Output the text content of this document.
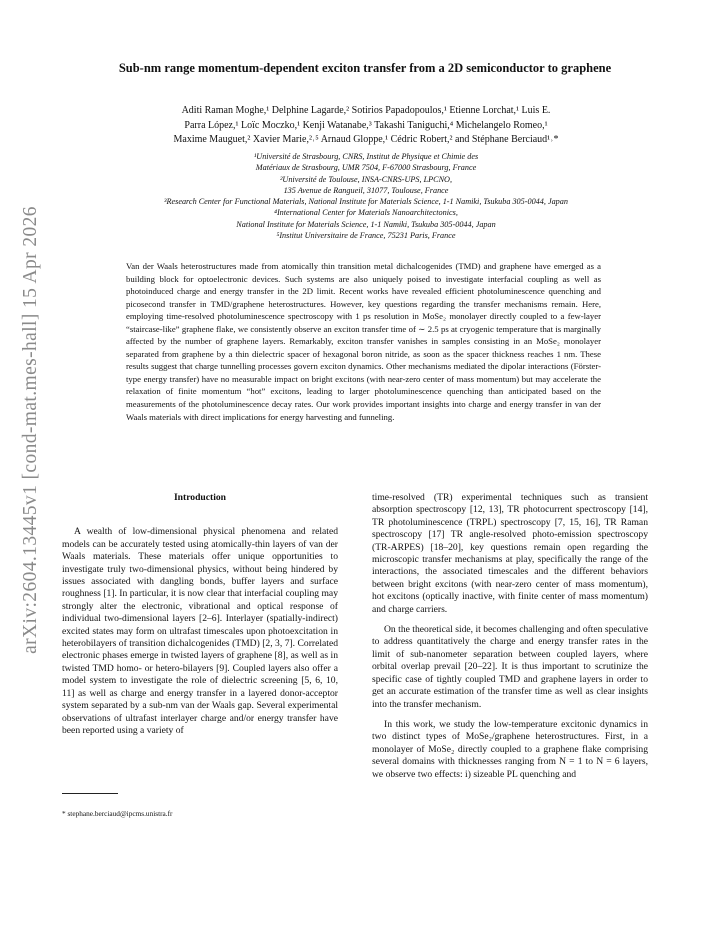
arXiv:2604.13445v1 [cond-mat.mes-hall] 15 Apr 2026
Sub-nm range momentum-dependent exciton transfer from a 2D semiconductor to graphene
Aditi Raman Moghe,¹ Delphine Lagarde,² Sotirios Papadopoulos,¹ Etienne Lorchat,¹ Luis E.
Parra López,¹ Loïc Moczko,¹ Kenji Watanabe,³ Takashi Taniguchi,⁴ Michelangelo Romeo,¹
Maxime Mauguet,² Xavier Marie,²˒⁵ Arnaud Gloppe,¹ Cédric Robert,² and Stéphane Berciaud¹˒*
¹Université de Strasbourg, CNRS, Institut de Physique et Chimie des
Matériaux de Strasbourg, UMR 7504, F-67000 Strasbourg, France
²Université de Toulouse, INSA-CNRS-UPS, LPCNO,
135 Avenue de Rangueil, 31077, Toulouse, France
³Research Center for Functional Materials, National Institute for Materials Science, 1-1 Namiki, Tsukuba 305-0044, Japan
⁴International Center for Materials Nanoarchitectonics,
National Institute for Materials Science, 1-1 Namiki, Tsukuba 305-0044, Japan
⁵Institut Universitaire de France, 75231 Paris, France
Van der Waals heterostructures made from atomically thin transition metal dichalcogenides (TMD) and graphene have emerged as a building block for optoelectronic devices. Such systems are also uniquely poised to investigate interfacial coupling as well as photoinduced charge and energy transfer in the 2D limit. Recent works have revealed efficient photoluminescence quenching and picosecond transfer in TMD/graphene heterostructures. However, key questions regarding the transfer mechanisms remain. Here, employing time-resolved photoluminescence spectroscopy with 1 ps resolution in MoSe₂ monolayer directly coupled to a few-layer “staircase-like” graphene flake, we consistently observe an exciton transfer time of ∼ 2.5 ps at cryogenic temperature that is marginally affected by the number of graphene layers. Remarkably, exciton transfer vanishes in samples consisting in an MoSe₂ monolayer separated from graphene by a thin dielectric spacer of hexagonal boron nitride, as soon as the spacer thickness reaches 1 nm. These results suggest that charge tunnelling processes govern exciton dynamics. Other mechanisms mediated the dipolar interactions (Förster-type energy transfer) have no measurable impact on bright excitons (with near-zero center of mass momentum) but may accelerate the relaxation of finite momentum “hot” excitons, leading to larger photoluminescence quenching than anticipated based on the measurements of the photoluminescence decay rates. Our work provides important insights into charge and energy transfer in van der Waals materials with direct implications for energy harvesting and funneling.
Introduction

A wealth of low-dimensional physical phenomena and related models can be accurately tested using atomically-thin layers of van der Waals materials. These materials offer unique opportunities to investigate truly two-dimensional physics, without being hindered by issues associated with dangling bonds, buffer layers and surface roughness [1]. In particular, it is now clear that interfacial coupling may strongly alter the electronic, vibrational and optical response of individual two-dimensional layers [2–6]. Interlayer (spatially-indirect) excited states may form on ultrafast timescales upon photoexcitation in heterobilayers of transition dichalcogenides (TMD) [2, 3, 7]. Correlated electronic phases emerge in twisted layers of graphene [8], as well as in twisted TMD homo- or hetero-bilayers [9]. Coupled layers also offer a model system to investigate the role of dielectric screening [5, 6, 10, 11] as well as charge and energy transfer in a layered donor-acceptor system separated by a sub-nm van der Waals gap. Several experimental observations of ultrafast interlayer charge and/or energy transfer have been reported using a variety of

time-resolved (TR) experimental techniques such as transient absorption spectroscopy [12, 13], TR photocurrent spectroscopy [14], TR photoluminescence (TRPL) spectroscopy [7, 15, 16], TR Raman spectroscopy [17] TR angle-resolved photo-emission spectroscopy (TR-ARPES) [18–20], key questions remain open regarding the microscopic transfer mechanisms at play, specifically the range of the interactions, the associated timescales and the different behaviors between bright excitons (with near-zero center of mass momentum), hot excitons (optically inactive, with finite center of mass momentum) and charge carriers.

On the theoretical side, it becomes challenging and often speculative to address quantitatively the charge and energy transfer rates in the limit of sub-nanometer separation between coupled layers, where orbital overlap prevail [20–22]. It is thus important to scrutinize the specific case of tightly coupled TMD and graphene layers in order to get an accurate estimation of the transfer time as well as clear insights into the transfer mechanism.

In this work, we study the low-temperature excitonic dynamics in two distinct types of MoSe₂/graphene heterostructures. First, in a monolayer of MoSe₂ directly coupled to a graphene flake comprising several domains with thicknesses ranging from N = 1 to N = 6 layers, we observe two effects: i) sizeable PL quenching and

* stephane.berciaud@ipcms.unistra.fr
